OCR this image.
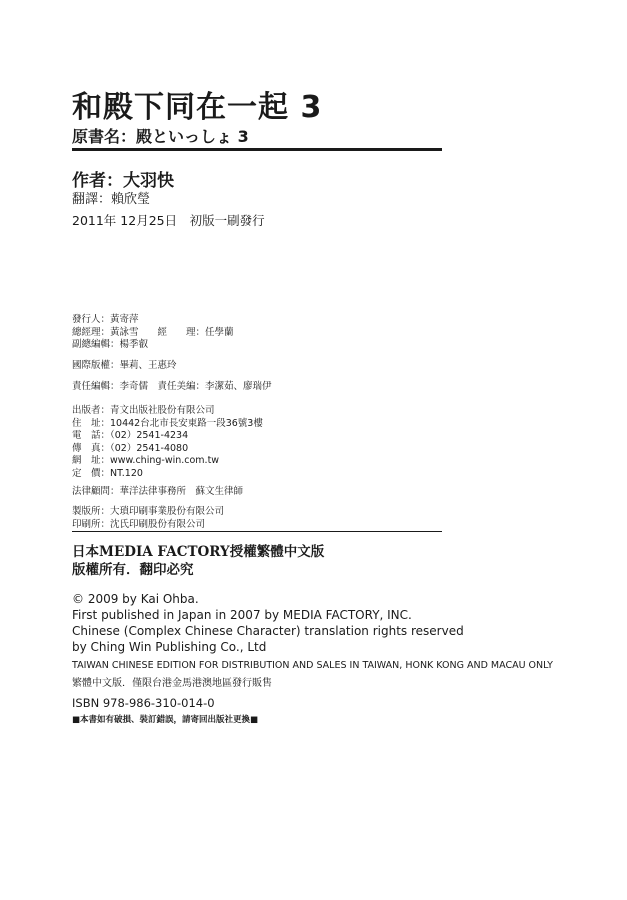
和殿下同在一起 3
原書名：殿といっしょ 3
作者：大羽快
翻譯：賴欣瑩
2011年 12月25日　初版一刷發行
發行人：黃寄萍
總經理：黃詠雪　　經　　理：任學蘭
副總編輯：楊季叡
國際版權：畢莉、王惠玲
責任編輯：李奇儒　責任美編：李潔茹、廖瑞伊
出版者：青文出版社股份有限公司
住　址：10442台北市長安東路一段36號3樓
電　話：（02）2541-4234
傳　真：（02）2541-4080
網　址：www.ching-win.com.tw
定　價：NT.120
法律顧問：華洋法律事務所　蘇文生律師
製版所：大瑣印刷事業股份有限公司
印刷所：沈氏印刷股份有限公司
日本MEDIA FACTORY授權繁體中文版
版權所有．翻印必究
© 2009 by Kai Ohba.
First published in Japan in 2007 by MEDIA FACTORY, INC.
Chinese (Complex Chinese Character) translation rights reserved
by Ching Win Publishing Co., Ltd
TAIWAN CHINESE EDITION FOR DISTRIBUTION AND SALES IN TAIWAN, HONK KONG AND MACAU ONLY
繁體中文版．僅限台港金馬港澳地區發行販售
ISBN 978-986-310-014-0
■本書如有破損、裝訂錯誤，請寄回出版社更換■
